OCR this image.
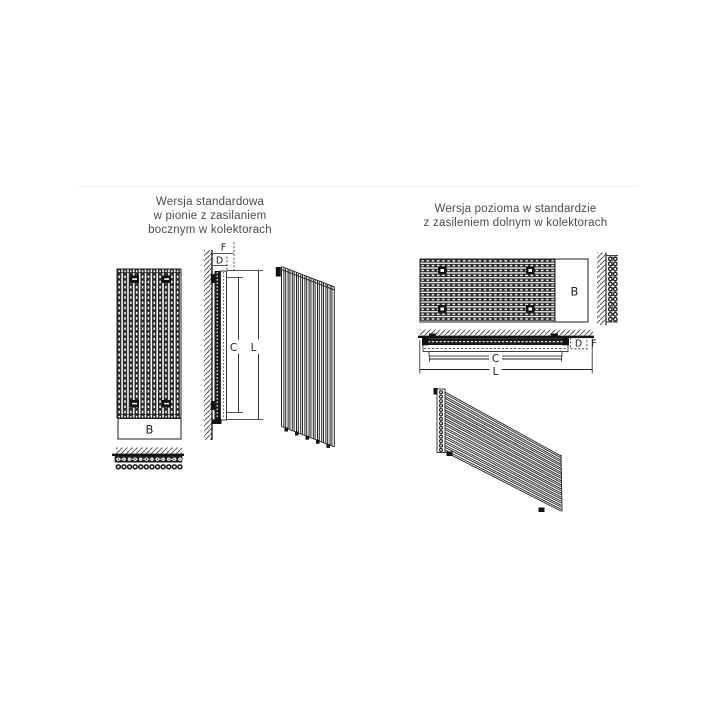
Wersja standardowa
w pionie z zasilaniem
bocznym w kolektorach
Wersja pozioma w standardzie
z zasileniem dolnym w kolektorach
B
F
D
C L
B
C
L
D F
